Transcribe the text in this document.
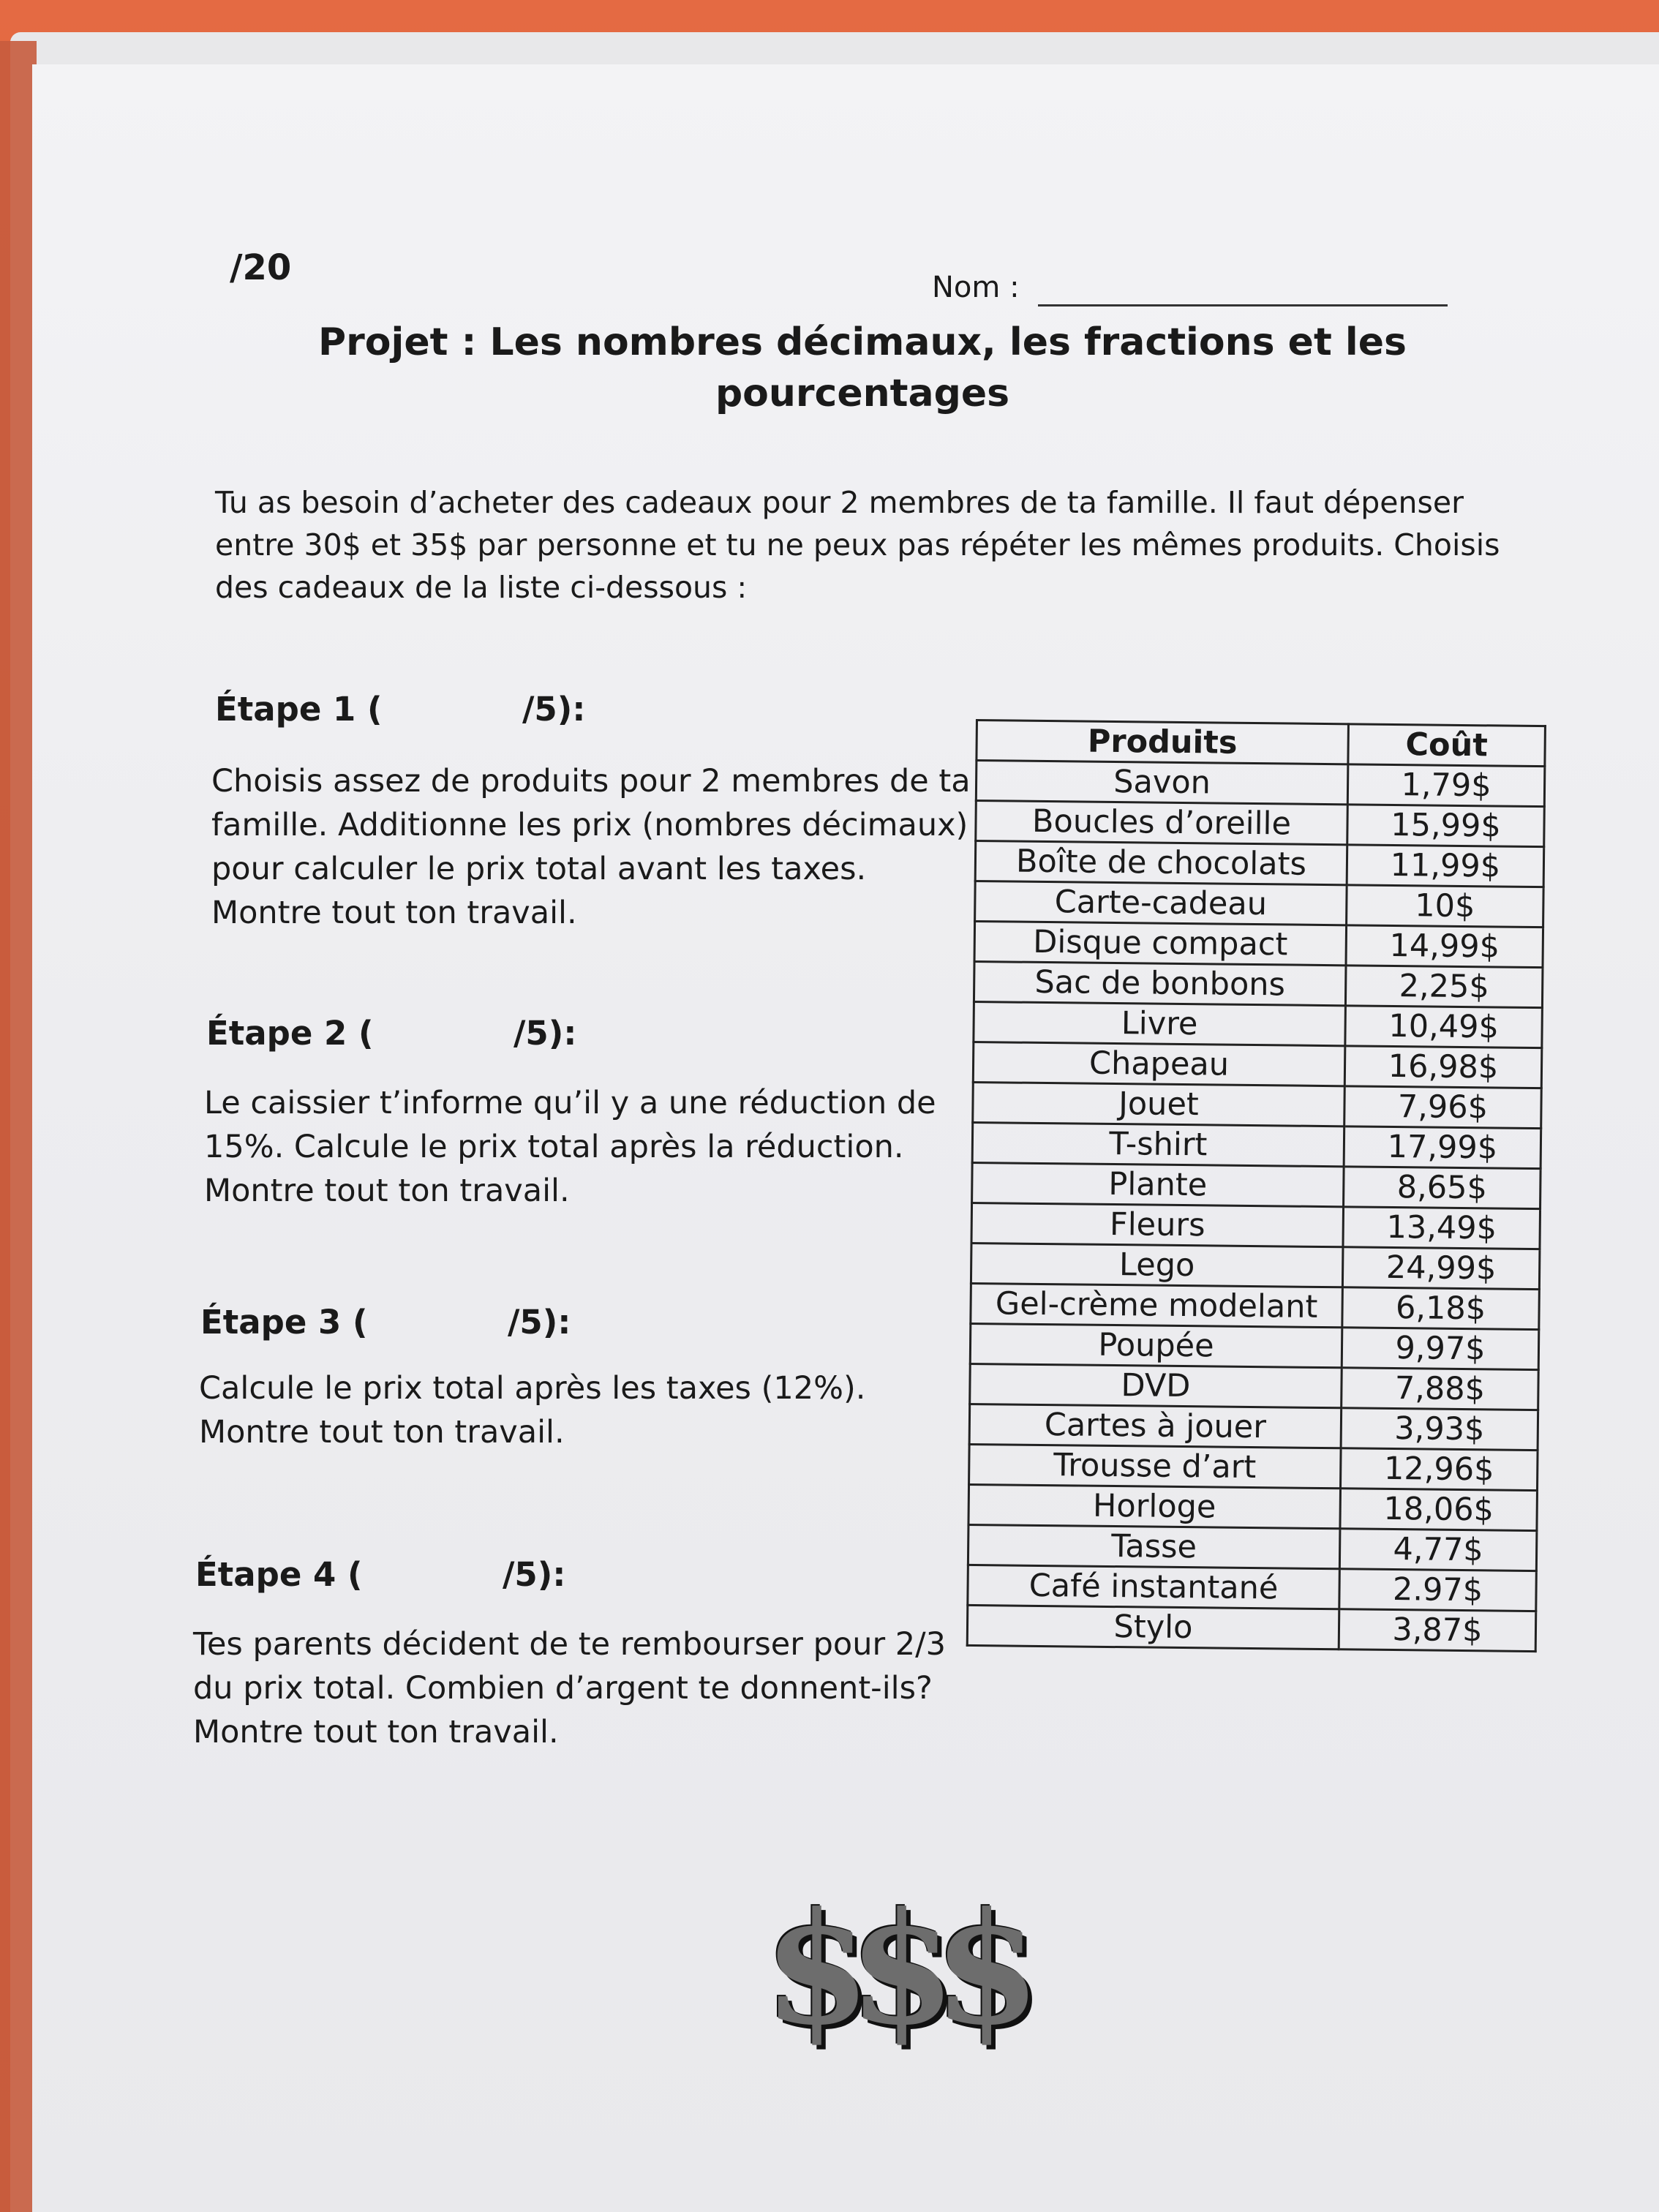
/20	Nom :
Projet : Les nombres décimaux, les fractions et les pourcentages
Tu as besoin d’acheter des cadeaux pour 2 membres de ta famille. Il faut dépenser entre 30$ et 35$ par personne et tu ne peux pas répéter les mêmes produits. Choisis des cadeaux de la liste ci-dessous :
Étape 1 (	/5):
Choisis assez de produits pour 2 membres de ta famille. Additionne les prix (nombres décimaux) pour calculer le prix total avant les taxes. Montre tout ton travail.
Étape 2 (	/5):
Le caissier t’informe qu’il y a une réduction de 15%. Calcule le prix total après la réduction. Montre tout ton travail.
Étape 3 (	/5):
Calcule le prix total après les taxes (12%). Montre tout ton travail.
Étape 4 (	/5):
Tes parents décident de te rembourser pour 2/3 du prix total. Combien d’argent te donnent-ils? Montre tout ton travail.
Produits	Coût
Savon	1,79$
Boucles d’oreille	15,99$
Boîte de chocolats	11,99$
Carte-cadeau	10$
Disque compact	14,99$
Sac de bonbons	2,25$
Livre	10,49$
Chapeau	16,98$
Jouet	7,96$
T-shirt	17,99$
Plante	8,65$
Fleurs	13,49$
Lego	24,99$
Gel-crème modelant	6,18$
Poupée	9,97$
DVD	7,88$
Cartes à jouer	3,93$
Trousse d’art	12,96$
Horloge	18,06$
Tasse	4,77$
Café instantané	2.97$
Stylo	3,87$
$$$
